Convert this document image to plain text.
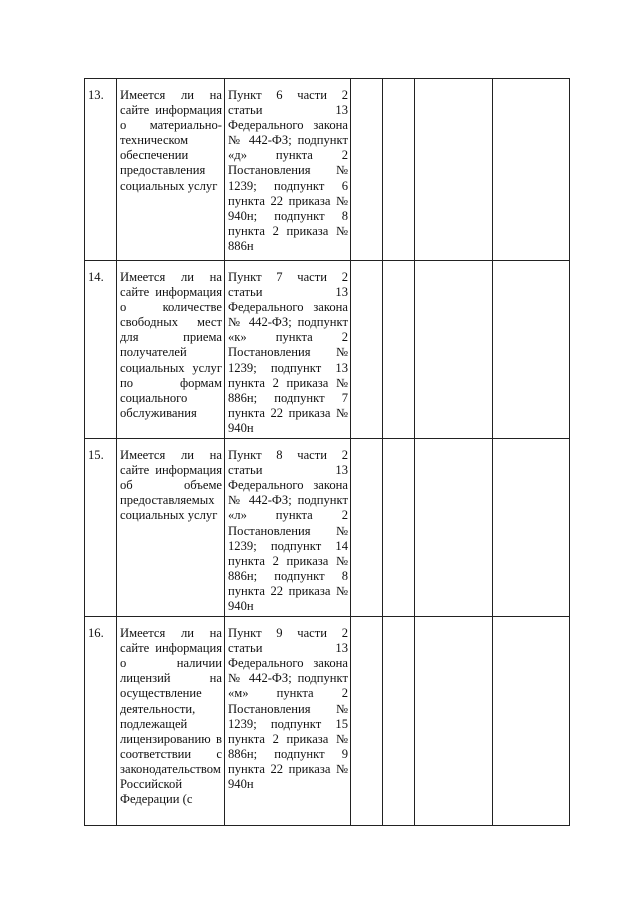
13.	Имеется ли на сайте информация о материально-техническом обеспечении предоставления социальных услуг	Пункт 6 части 2 статьи 13 Федерального закона № 442-ФЗ; подпункт «д» пункта 2 Постановления № 1239; подпункт 6 пункта 22 приказа № 940н; подпункт 8 пункта 2 приказа № 886н				
14.	Имеется ли на сайте информация о количестве свободных мест для приема получателей социальных услуг по формам социального обслуживания	Пункт 7 части 2 статьи 13 Федерального закона № 442-ФЗ; подпункт «к» пункта 2 Постановления № 1239; подпункт 13 пункта 2 приказа № 886н; подпункт 7 пункта 22 приказа № 940н				
15.	Имеется ли на сайте информация об объеме предоставляемых социальных услуг	Пункт 8 части 2 статьи 13 Федерального закона № 442-ФЗ; подпункт «л» пункта 2 Постановления № 1239; подпункт 14 пункта 2 приказа № 886н; подпункт 8 пункта 22 приказа № 940н				
16.	Имеется ли на сайте информация о наличии лицензий на осуществление деятельности, подлежащей лицензированию в соответствии с законодательством Российской Федерации (с	Пункт 9 части 2 статьи 13 Федерального закона № 442-ФЗ; подпункт «м» пункта 2 Постановления № 1239; подпункт 15 пункта 2 приказа № 886н; подпункт 9 пункта 22 приказа № 940н				
